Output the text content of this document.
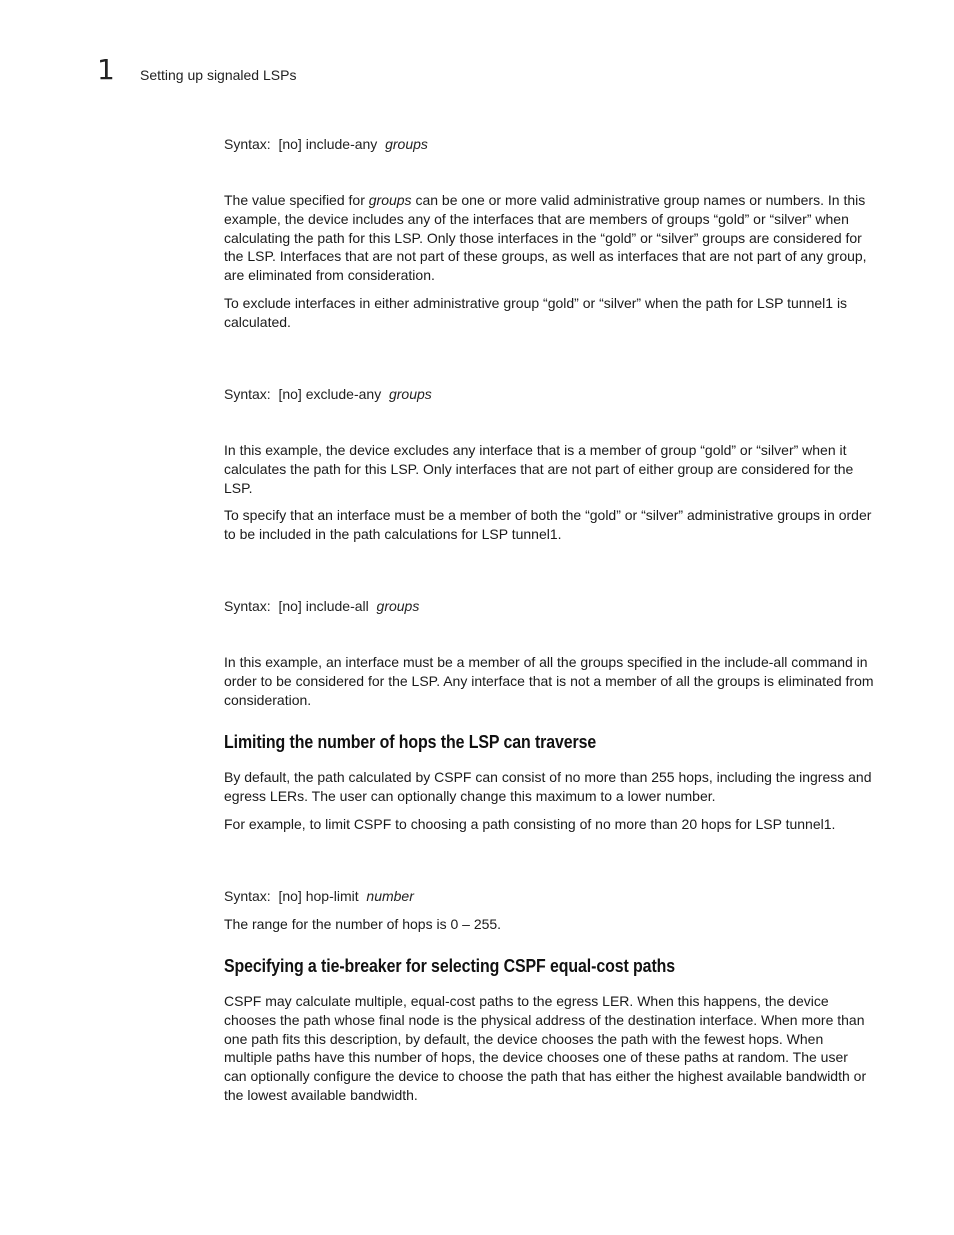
1 Setting up signaled LSPs
Syntax:  [no] include-any  groups

The value specified for groups can be one or more valid administrative group names or numbers. In this example, the device includes any of the interfaces that are members of groups “gold” or “silver” when calculating the path for this LSP. Only those interfaces in the “gold” or “silver” groups are considered for the LSP. Interfaces that are not part of these groups, as well as interfaces that are not part of any group, are eliminated from consideration.

To exclude interfaces in either administrative group “gold” or “silver” when the path for LSP tunnel1 is calculated.

Syntax:  [no] exclude-any  groups

In this example, the device excludes any interface that is a member of group “gold” or “silver” when it calculates the path for this LSP. Only interfaces that are not part of either group are considered for the LSP.

To specify that an interface must be a member of both the “gold” or “silver” administrative groups in order to be included in the path calculations for LSP tunnel1.

Syntax:  [no] include-all  groups

In this example, an interface must be a member of all the groups specified in the include-all command in order to be considered for the LSP. Any interface that is not a member of all the groups is eliminated from consideration.

Limiting the number of hops the LSP can traverse

By default, the path calculated by CSPF can consist of no more than 255 hops, including the ingress and egress LERs. The user can optionally change this maximum to a lower number.

For example, to limit CSPF to choosing a path consisting of no more than 20 hops for LSP tunnel1.

Syntax:  [no] hop-limit  number

The range for the number of hops is 0 – 255.

Specifying a tie-breaker for selecting CSPF equal-cost paths

CSPF may calculate multiple, equal-cost paths to the egress LER. When this happens, the device chooses the path whose final node is the physical address of the destination interface. When more than one path fits this description, by default, the device chooses the path with the fewest hops. When multiple paths have this number of hops, the device chooses one of these paths at random. The user can optionally configure the device to choose the path that has either the highest available bandwidth or the lowest available bandwidth.
